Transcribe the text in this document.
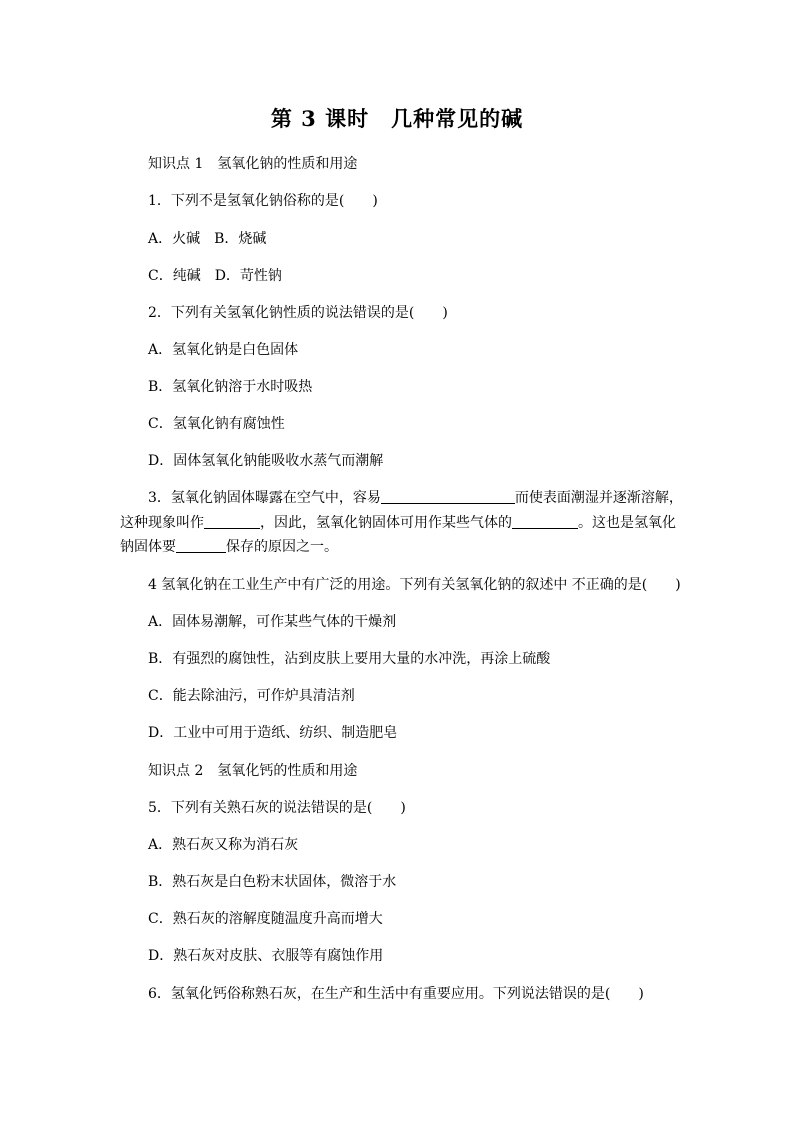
第 3 课时　几种常见的碱
知识点 1　氢氧化钠的性质和用途
1．下列不是氢氧化钠俗称的是(　　)
A．火碱　B．烧碱
C．纯碱　D．苛性钠
2．下列有关氢氧化钠性质的说法错误的是(　　)
A．氢氧化钠是白色固体
B．氢氧化钠溶于水时吸热
C．氢氧化钠有腐蚀性
D．固体氢氧化钠能吸收水蒸气而潮解
3．氢氧化钠固体曝露在空气中，容易	而使表面潮湿并逐渐溶解，
这种现象叫作	，因此，氢氧化钠固体可用作某些气体的	。这也是氢氧化
钠固体要	保存的原因之一。
4 氢氧化钠在工业生产中有广泛的用途。下列有关氢氧化钠的叙述中 不正确的是(　　)
A．固体易潮解，可作某些气体的干燥剂
B．有强烈的腐蚀性，沾到皮肤上要用大量的水冲洗，再涂上硫酸
C．能去除油污，可作炉具清洁剂
D．工业中可用于造纸、纺织、制造肥皂
知识点 2　氢氧化钙的性质和用途
5．下列有关熟石灰的说法错误的是(　　)
A．熟石灰又称为消石灰
B．熟石灰是白色粉末状固体，微溶于水
C．熟石灰的溶解度随温度升高而增大
D．熟石灰对皮肤、衣服等有腐蚀作用
6．氢氧化钙俗称熟石灰，在生产和生活中有重要应用。下列说法错误的是(　　)
